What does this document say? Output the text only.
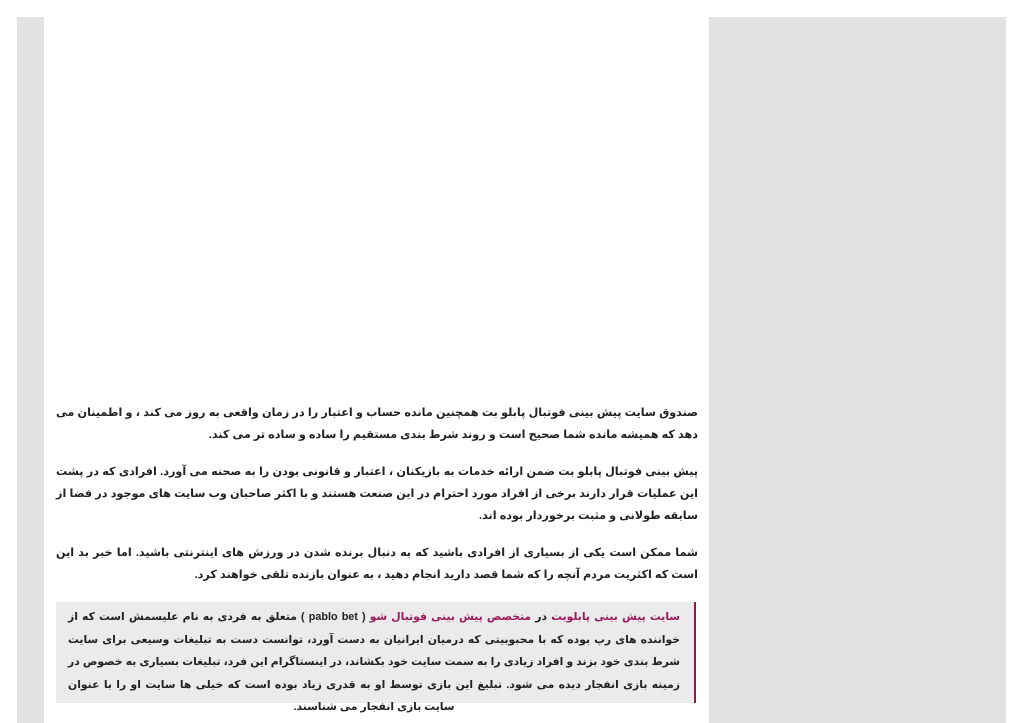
صندوق سایت پیش بینی فوتبال پابلو بت همچنین مانده حساب و اعتبار را در زمان واقعی به روز می کند ، و اطمینان می دهد که همیشه مانده شما صحیح است و روند شرط بندی مستقیم را ساده و ساده تر می کند.

پیش بینی فوتبال پابلو بت ضمن ارائه خدمات به بازیکنان ، اعتبار و قانونی بودن را به صحنه می آورد. افرادی که در پشت این عملیات قرار دارند برخی از افراد مورد احترام در این صنعت هستند و با اکثر صاحبان وب سایت های موجود در فضا از سابقه طولانی و مثبت برخوردار بوده اند.

شما ممکن است یکی از بسیاری از افرادی باشید که به دنبال برنده شدن در ورزش های اینترنتی باشید. اما خبر بد این است که اکثریت مردم آنچه را که شما قصد دارید انجام دهید ، به عنوان بازنده تلقی خواهند کرد.

سایت پیش بینی پابلوبت در متخصص پیش بینی فوتبال شو ( pablo bet ) متعلق به فردی به نام علیسمش است که از خواننده های رپ بوده که با محبوبیتی که درمیان ایرانیان به دست آورد، توانست دست به تبلیغات وسیعی برای سایت شرط بندی خود بزند و افراد زیادی را به سمت سایت خود بکشاند، در اینستاگرام این فرد، تبلیغات بسیاری به خصوص در زمینه بازی انفجار دیده می شود. تبلیغ این بازی توسط او به قدری زیاد بوده است که خیلی ها سایت او را با عنوان سایت بازی انفجار می شناسند.
